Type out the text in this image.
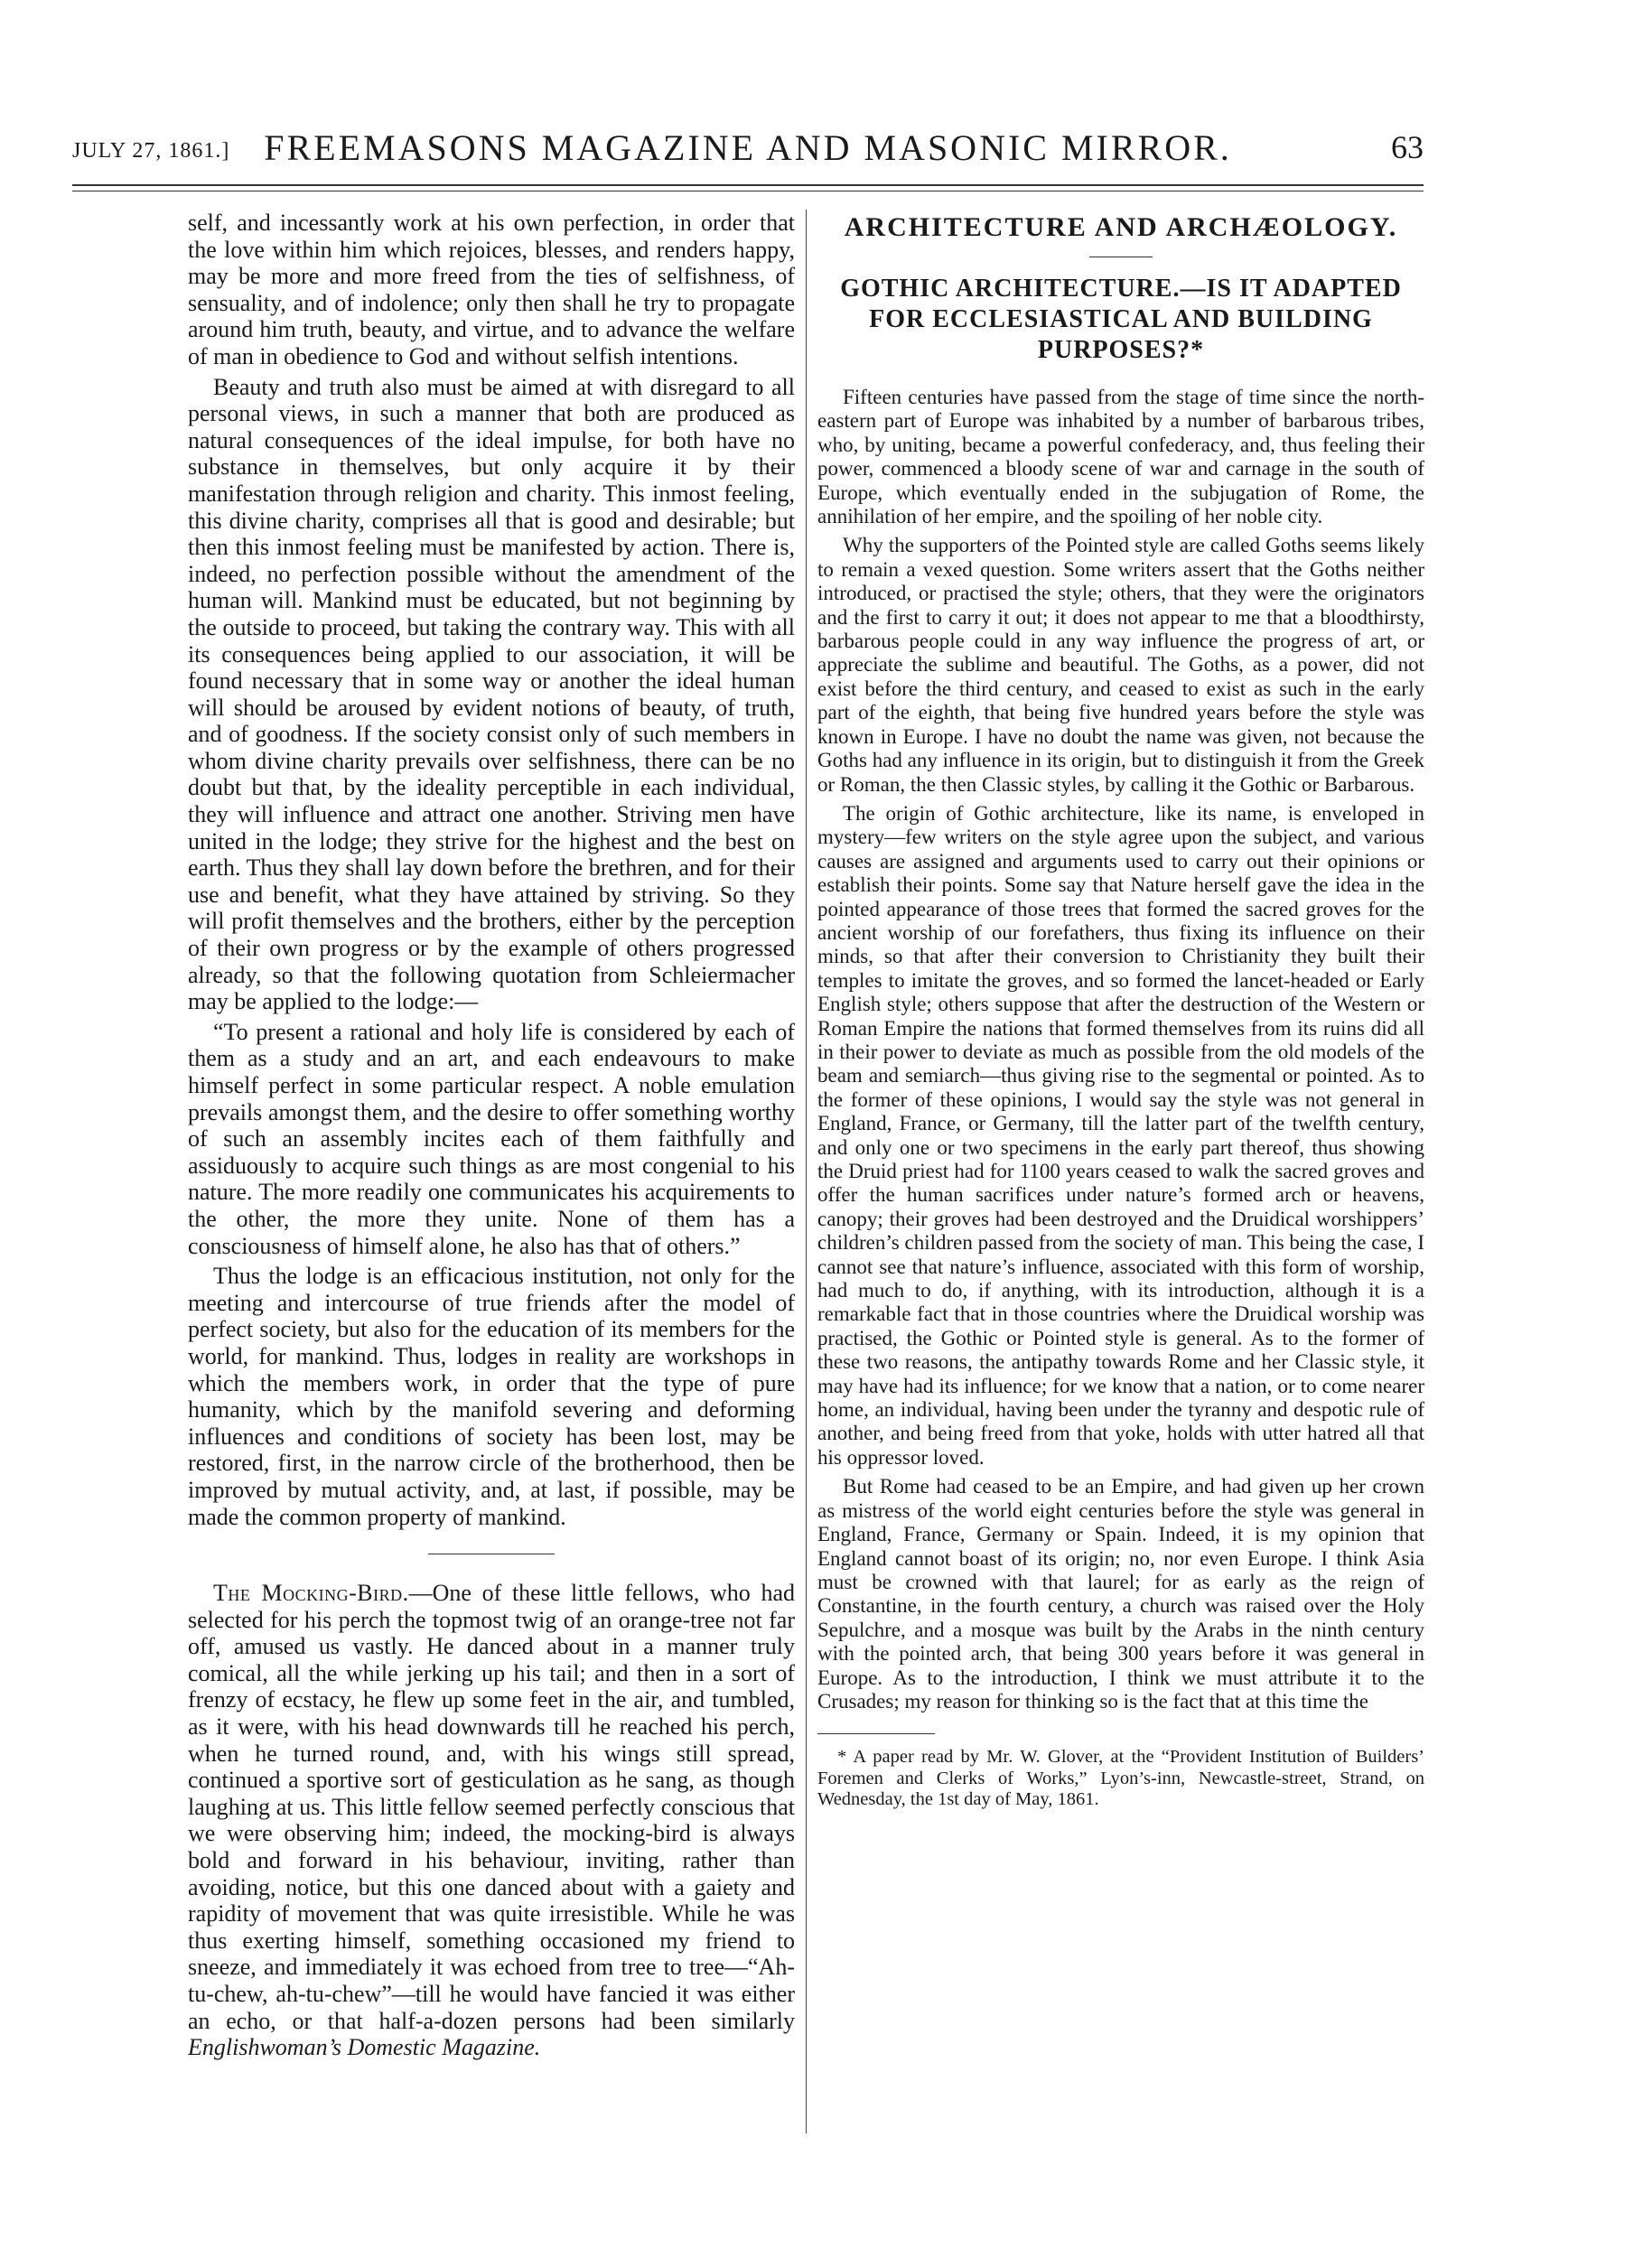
JULY 27, 1861.] FREEMASONS MAGAZINE AND MASONIC MIRROR.	63

self, and incessantly work at his own perfection, in order that the love within him which rejoices, blesses, and renders happy, may be more and more freed from the ties of selfishness, of sensuality, and of indolence; only then shall he try to propagate around him truth, beauty, and virtue, and to advance the welfare of man in obedience to God and without selfish intentions.

Beauty and truth also must be aimed at with disregard to all personal views, in such a manner that both are produced as natural consequences of the ideal impulse, for both have no substance in themselves, but only acquire it by their manifestation through religion and charity. This inmost feeling, this divine charity, comprises all that is good and desirable; but then this inmost feeling must be manifested by action. There is, indeed, no perfection possible without the amendment of the human will. Mankind must be educated, but not beginning by the outside to proceed, but taking the contrary way. This with all its consequences being applied to our association, it will be found necessary that in some way or another the ideal human will should be aroused by evident notions of beauty, of truth, and of goodness. If the society consist only of such members in whom divine charity prevails over selfishness, there can be no doubt but that, by the ideality perceptible in each individual, they will influence and attract one another. Striving men have united in the lodge; they strive for the highest and the best on earth. Thus they shall lay down before the brethren, and for their use and benefit, what they have attained by striving. So they will profit themselves and the brothers, either by the perception of their own progress or by the example of others progressed already, so that the following quotation from Schleiermacher may be applied to the lodge:—

“To present a rational and holy life is considered by each of them as a study and an art, and each endeavours to make himself perfect in some particular respect. A noble emulation prevails amongst them, and the desire to offer something worthy of such an assembly incites each of them faithfully and assiduously to acquire such things as are most congenial to his nature. The more readily one communicates his acquirements to the other, the more they unite. None of them has a consciousness of himself alone, he also has that of others.”

Thus the lodge is an efficacious institution, not only for the meeting and intercourse of true friends after the model of perfect society, but also for the education of its members for the world, for mankind. Thus, lodges in reality are workshops in which the members work, in order that the type of pure humanity, which by the manifold severing and deforming influences and conditions of society has been lost, may be restored, first, in the narrow circle of the brotherhood, then be improved by mutual activity, and, at last, if possible, may be made the common property of mankind.

The Mocking-Bird.—One of these little fellows, who had selected for his perch the topmost twig of an orange-tree not far off, amused us vastly. He danced about in a manner truly comical, all the while jerking up his tail; and then in a sort of frenzy of ecstacy, he flew up some feet in the air, and tumbled, as it were, with his head downwards till he reached his perch, when he turned round, and, with his wings still spread, continued a sportive sort of gesticulation as he sang, as though laughing at us. This little fellow seemed perfectly conscious that we were observing him; indeed, the mocking-bird is always bold and forward in his behaviour, inviting, rather than avoiding, notice, but this one danced about with a gaiety and rapidity of movement that was quite irresistible. While he was thus exerting himself, something occasioned my friend to sneeze, and immediately it was echoed from tree to tree—“Ah-tu-chew, ah-tu-chew”—till he would have fancied it was either an echo, or that half-a-dozen persons had been similarly Englishwoman’s Domestic Magazine.

ARCHITECTURE AND ARCHÆOLOGY.
GOTHIC ARCHITECTURE.—IS IT ADAPTED FOR ECCLESIASTICAL AND BUILDING PURPOSES?*

Fifteen centuries have passed from the stage of time since the north-eastern part of Europe was inhabited by a number of barbarous tribes, who, by uniting, became a powerful confederacy, and, thus feeling their power, commenced a bloody scene of war and carnage in the south of Europe, which eventually ended in the subjugation of Rome, the annihilation of her empire, and the spoiling of her noble city.

Why the supporters of the Pointed style are called Goths seems likely to remain a vexed question. Some writers assert that the Goths neither introduced, or practised the style; others, that they were the originators and the first to carry it out; it does not appear to me that a bloodthirsty, barbarous people could in any way influence the progress of art, or appreciate the sublime and beautiful. The Goths, as a power, did not exist before the third century, and ceased to exist as such in the early part of the eighth, that being five hundred years before the style was known in Europe. I have no doubt the name was given, not because the Goths had any influence in its origin, but to distinguish it from the Greek or Roman, the then Classic styles, by calling it the Gothic or Barbarous.

The origin of Gothic architecture, like its name, is enveloped in mystery—few writers on the style agree upon the subject, and various causes are assigned and arguments used to carry out their opinions or establish their points. Some say that Nature herself gave the idea in the pointed appearance of those trees that formed the sacred groves for the ancient worship of our forefathers, thus fixing its influence on their minds, so that after their conversion to Christianity they built their temples to imitate the groves, and so formed the lancet-headed or Early English style; others suppose that after the destruction of the Western or Roman Empire the nations that formed themselves from its ruins did all in their power to deviate as much as possible from the old models of the beam and semiarch—thus giving rise to the segmental or pointed. As to the former of these opinions, I would say the style was not general in England, France, or Germany, till the latter part of the twelfth century, and only one or two specimens in the early part thereof, thus showing the Druid priest had for 1100 years ceased to walk the sacred groves and offer the human sacrifices under nature’s formed arch or heavens, canopy; their groves had been destroyed and the Druidical worshippers’ children’s children passed from the society of man. This being the case, I cannot see that nature’s influence, associated with this form of worship, had much to do, if anything, with its introduction, although it is a remarkable fact that in those countries where the Druidical worship was practised, the Gothic or Pointed style is general. As to the former of these two reasons, the antipathy towards Rome and her Classic style, it may have had its influence; for we know that a nation, or to come nearer home, an individual, having been under the tyranny and despotic rule of another, and being freed from that yoke, holds with utter hatred all that his oppressor loved.

But Rome had ceased to be an Empire, and had given up her crown as mistress of the world eight centuries before the style was general in England, France, Germany or Spain. Indeed, it is my opinion that England cannot boast of its origin; no, nor even Europe. I think Asia must be crowned with that laurel; for as early as the reign of Constantine, in the fourth century, a church was raised over the Holy Sepulchre, and a mosque was built by the Arabs in the ninth century with the pointed arch, that being 300 years before it was general in Europe. As to the introduction, I think we must attribute it to the Crusades; my reason for thinking so is the fact that at this time the

* A paper read by Mr. W. Glover, at the “Provident Institution of Builders’ Foremen and Clerks of Works,” Lyon’s-inn, Newcastle-street, Strand, on Wednesday, the 1st day of May, 1861.
